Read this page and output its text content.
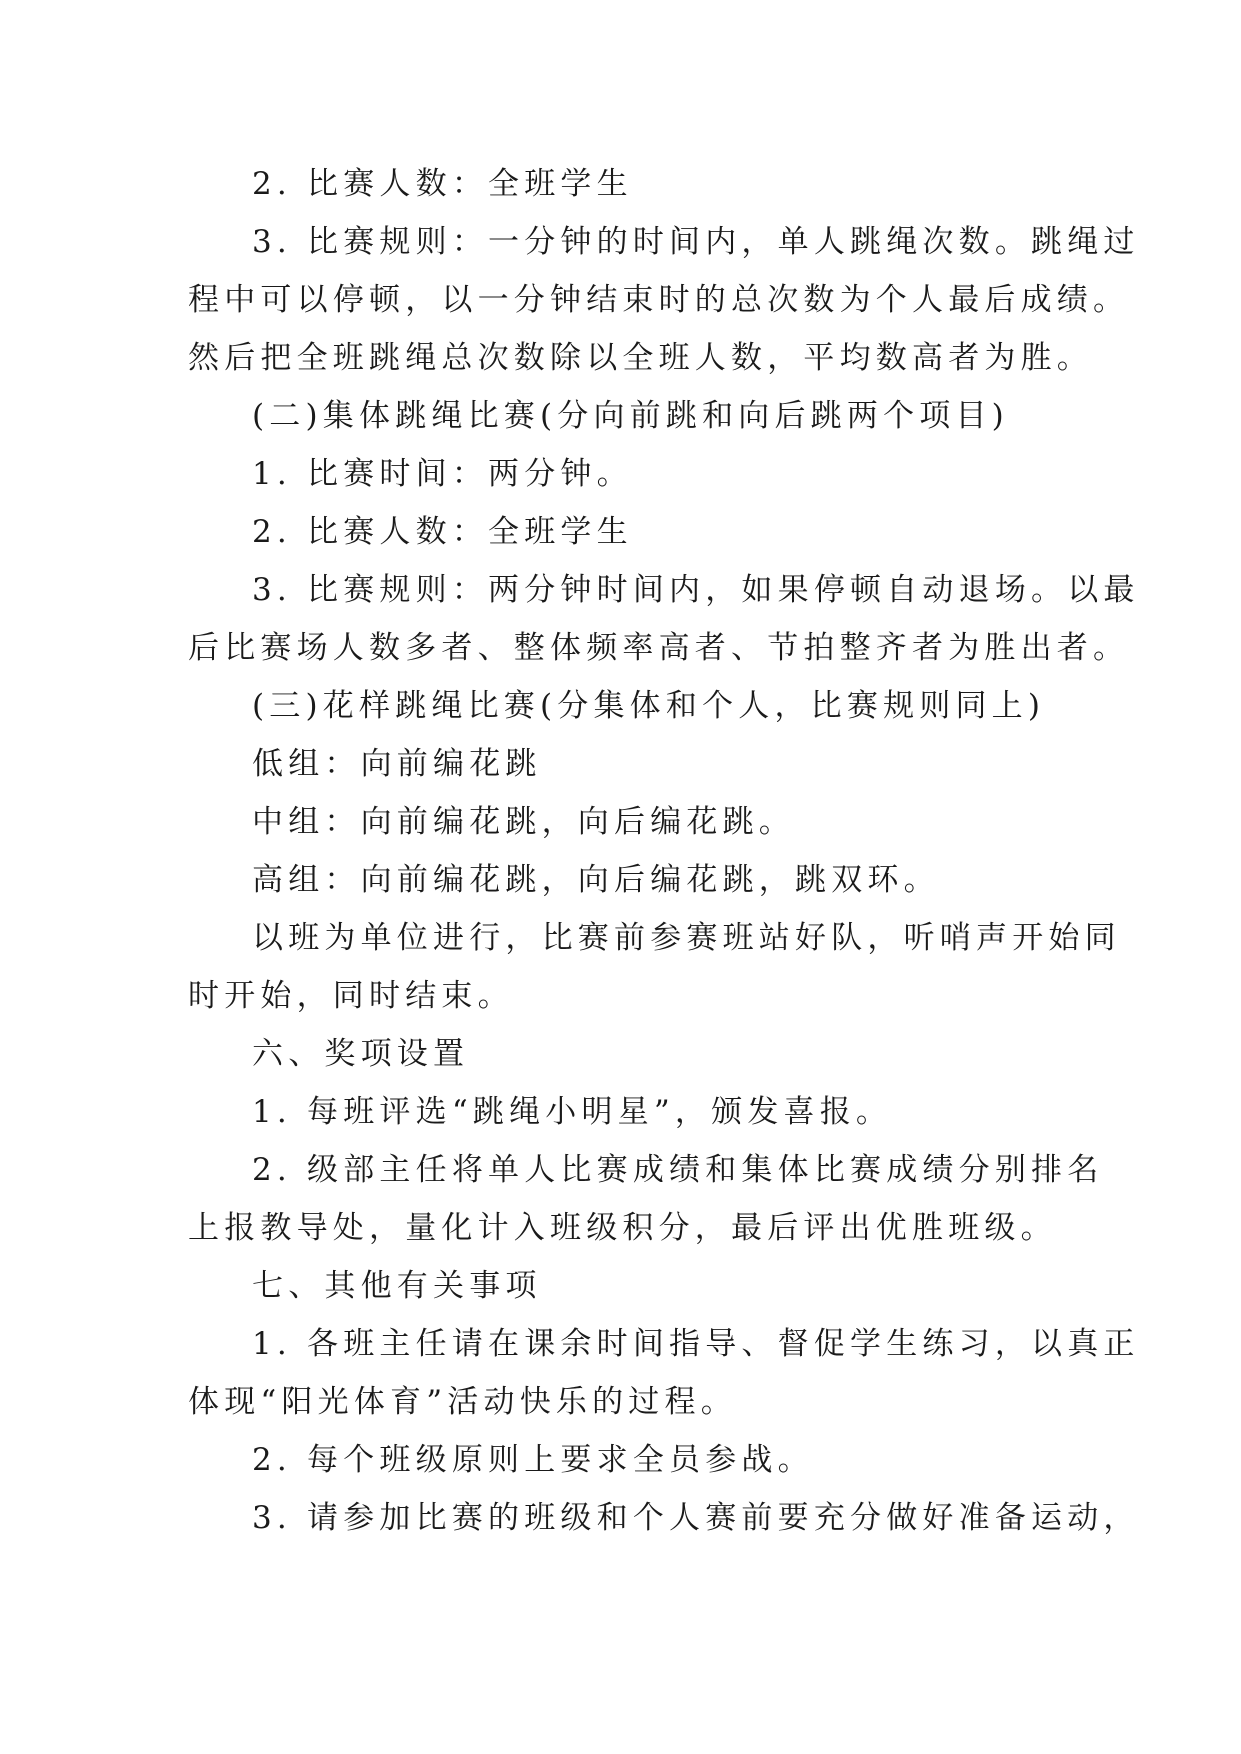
2. 比赛人数：全班学生
3. 比赛规则：一分钟的时间内，单人跳绳次数。跳绳过
程中可以停顿，以一分钟结束时的总次数为个人最后成绩。
然后把全班跳绳总次数除以全班人数，平均数高者为胜。
(二)集体跳绳比赛(分向前跳和向后跳两个项目)
1. 比赛时间：两分钟。
2. 比赛人数：全班学生
3. 比赛规则：两分钟时间内，如果停顿自动退场。以最
后比赛场人数多者、整体频率高者、节拍整齐者为胜出者。
(三)花样跳绳比赛(分集体和个人，比赛规则同上)
低组：向前编花跳
中组：向前编花跳，向后编花跳。
高组：向前编花跳，向后编花跳，跳双环。
以班为单位进行，比赛前参赛班站好队，听哨声开始同
时开始，同时结束。
六、奖项设置
1. 每班评选“跳绳小明星”，颁发喜报。
2. 级部主任将单人比赛成绩和集体比赛成绩分别排名
上报教导处，量化计入班级积分，最后评出优胜班级。
七、其他有关事项
1. 各班主任请在课余时间指导、督促学生练习，以真正
体现“阳光体育”活动快乐的过程。
2. 每个班级原则上要求全员参战。
3. 请参加比赛的班级和个人赛前要充分做好准备运动，
